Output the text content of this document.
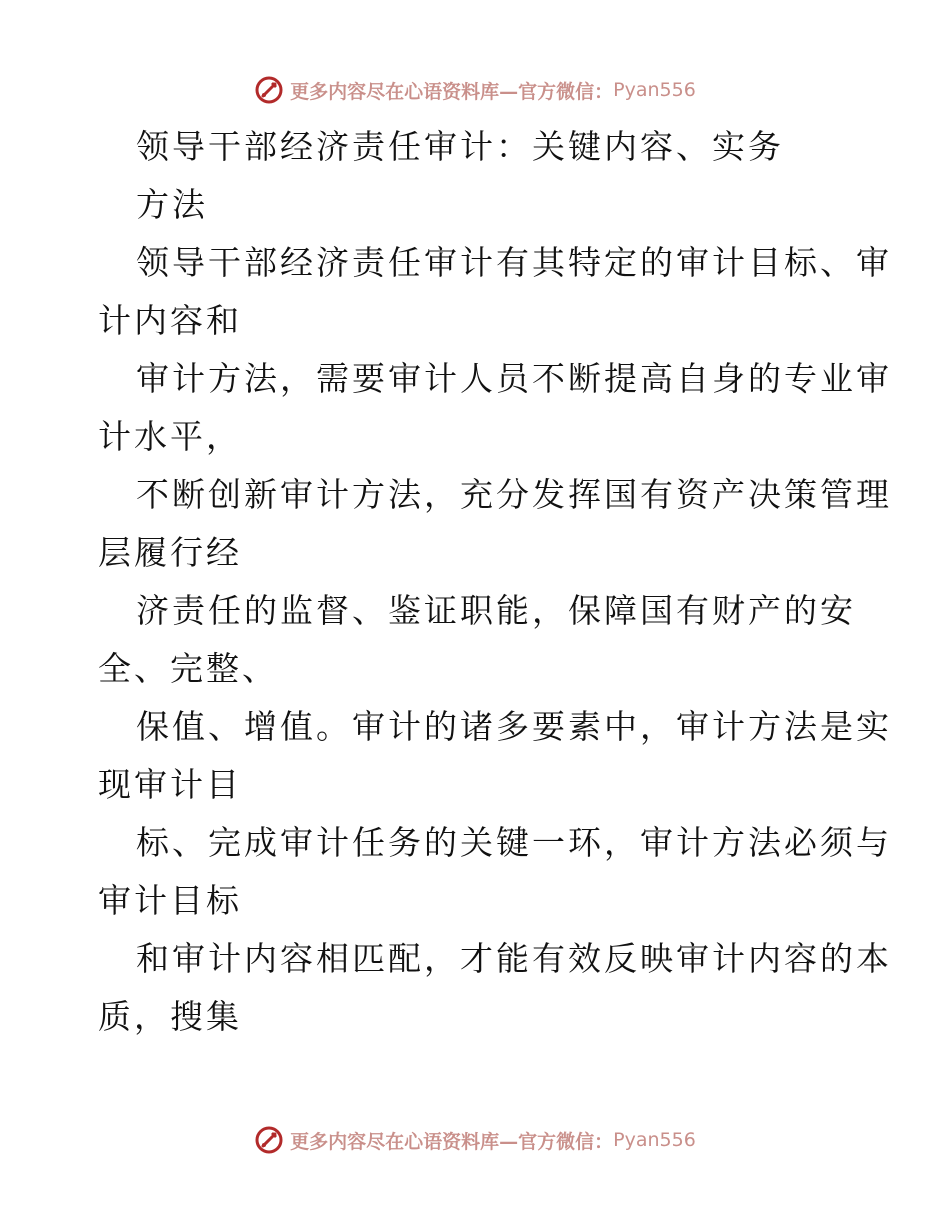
更多内容尽在心语资料库—官方微信： Pyan556
领导干部经济责任审计：关键内容、实务
方法
领导干部经济责任审计有其特定的审计目标、审
计内容和
审计方法，需要审计人员不断提高自身的专业审
计水平，
不断创新审计方法，充分发挥国有资产决策管理
层履行经
济责任的监督、鉴证职能，保障国有财产的安
全、完整、
保值、增值。审计的诸多要素中，审计方法是实
现审计目
标、完成审计任务的关键一环，审计方法必须与
审计目标
和审计内容相匹配，才能有效反映审计内容的本
质，搜集
更多内容尽在心语资料库—官方微信： Pyan556
